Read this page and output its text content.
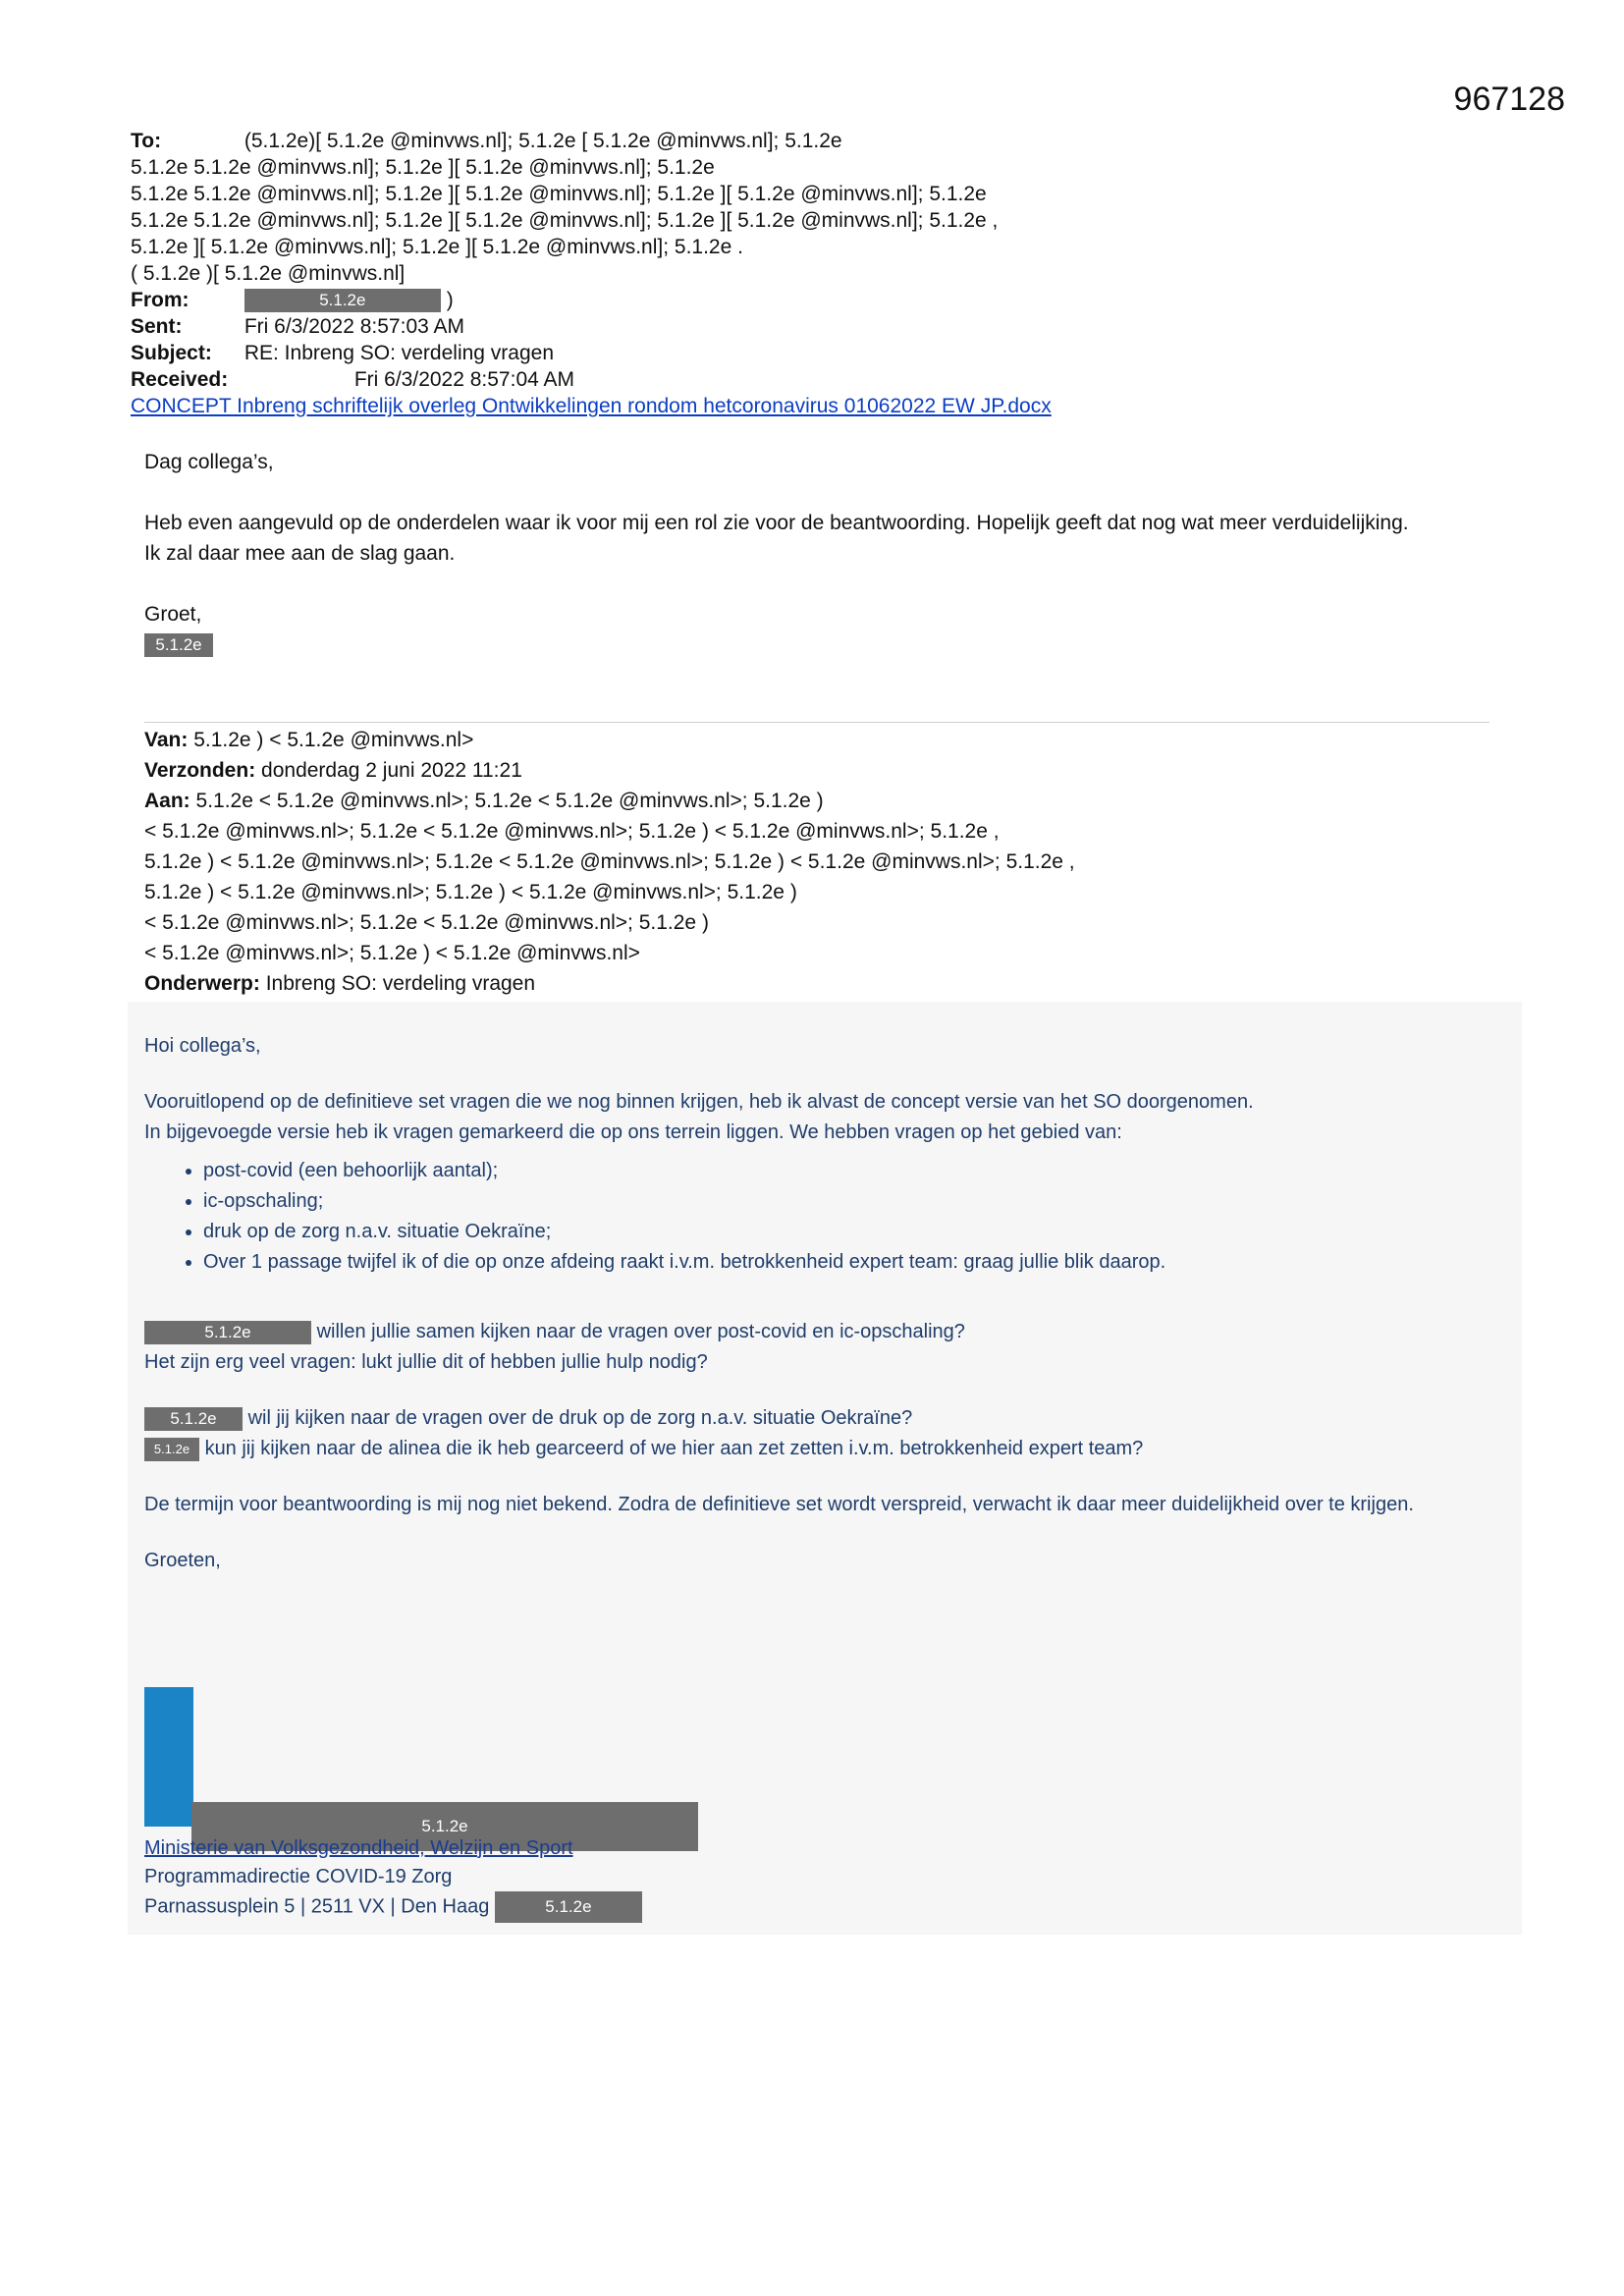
967128
To:	(5.1.2e)[ 5.1.2e @minvws.nl]; 5.1.2e [ 5.1.2e @minvws.nl]; 5.1.2e
5.1.2e 5.1.2e @minvws.nl]; 5.1.2e ][ 5.1.2e @minvws.nl]; 5.1.2e
5.1.2e 5.1.2e @minvws.nl]; 5.1.2e ][ 5.1.2e @minvws.nl]; 5.1.2e ][ 5.1.2e @minvws.nl]; 5.1.2e
5.1.2e 5.1.2e @minvws.nl]; 5.1.2e ][ 5.1.2e @minvws.nl]; 5.1.2e ][ 5.1.2e @minvws.nl]; 5.1.2e ,
5.1.2e ][ 5.1.2e @minvws.nl]; 5.1.2e ][ 5.1.2e @minvws.nl]; 5.1.2e .
( 5.1.2e )[ 5.1.2e @minvws.nl]
From:	5.1.2e	)
Sent:	Fri 6/3/2022 8:57:03 AM
Subject: RE: Inbreng SO: verdeling vragen
Received:	Fri 6/3/2022 8:57:04 AM
CONCEPT Inbreng schriftelijk overleg Ontwikkelingen rondom hetcoronavirus 01062022 EW JP.docx

Dag collega’s,

Heb even aangevuld op de onderdelen waar ik voor mij een rol zie voor de beantwoording. Hopelijk geeft dat nog wat meer verduidelijking.

Ik zal daar mee aan de slag gaan.

Groet,
5.1.2e
Van: 5.1.2e ) < 5.1.2e @minvws.nl>
Verzonden: donderdag 2 juni 2022 11:21
Aan: 5.1.2e < 5.1.2e @minvws.nl>; 5.1.2e < 5.1.2e @minvws.nl>; 5.1.2e )
< 5.1.2e @minvws.nl>; 5.1.2e < 5.1.2e @minvws.nl>; 5.1.2e ) < 5.1.2e @minvws.nl>; 5.1.2e ,
5.1.2e ) < 5.1.2e @minvws.nl>; 5.1.2e < 5.1.2e @minvws.nl>; 5.1.2e ) < 5.1.2e @minvws.nl>; 5.1.2e ,
5.1.2e ) < 5.1.2e @minvws.nl>; 5.1.2e ) < 5.1.2e @minvws.nl>; 5.1.2e )
< 5.1.2e @minvws.nl>; 5.1.2e < 5.1.2e @minvws.nl>; 5.1.2e )
< 5.1.2e @minvws.nl>; 5.1.2e ) < 5.1.2e @minvws.nl>
Onderwerp: Inbreng SO: verdeling vragen

Hoi collega’s,

Vooruitlopend op de definitieve set vragen die we nog binnen krijgen, heb ik alvast de concept versie van het SO doorgenomen.
In bijgevoegde versie heb ik vragen gemarkeerd die op ons terrein liggen. We hebben vragen op het gebied van:
• post-covid (een behoorlijk aantal);
• ic-opschaling;
• druk op de zorg n.a.v. situatie Oekraïne;
• Over 1 passage twijfel ik of die op onze afdeing raakt i.v.m. betrokkenheid expert team: graag jullie blik daarop.
5.1.2e	willen jullie samen kijken naar de vragen over post-covid en ic-opschaling?

Het zijn erg veel vragen: lukt jullie dit of hebben jullie hulp nodig?

5.1.2e wil jij kijken naar de vragen over de druk op de zorg n.a.v. situatie Oekraïne?

5.1.2e kun jij kijken naar de alinea die ik heb gearceerd of we hier aan zet zetten i.v.m. betrokkenheid expert team?

De termijn voor beantwoording is mij nog niet bekend. Zodra de definitieve set wordt verspreid, verwacht ik daar meer duidelijkheid over te krijgen.

Groeten,

5.1.2e
Ministerie van Volksgezondheid, Welzijn en Sport
Programmadirectie COVID-19 Zorg
Parnassusplein 5 | 2511 VX | Den Haag	5.1.2e
